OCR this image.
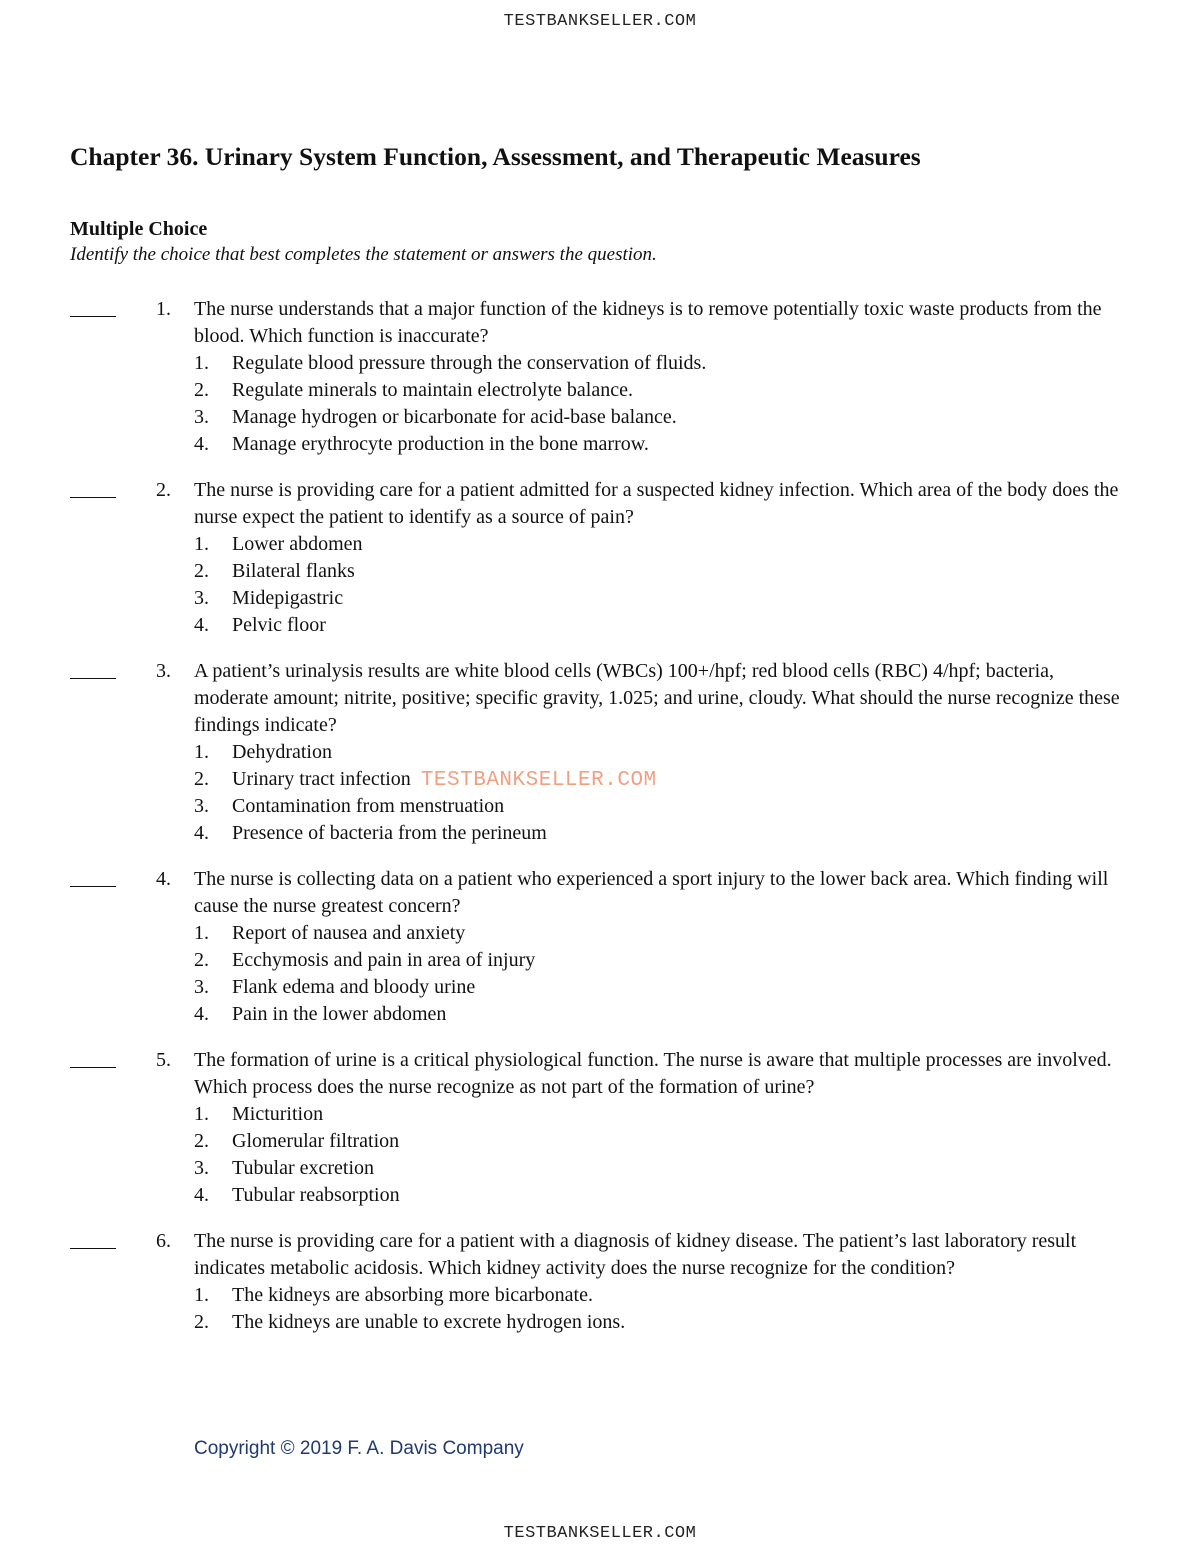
TESTBANKSELLER.COM
Chapter 36. Urinary System Function, Assessment, and Therapeutic Measures

Multiple Choice

Identify the choice that best completes the statement or answers the question.

1.	The nurse understands that a major function of the kidneys is to remove potentially toxic waste products from the blood. Which function is inaccurate?
1. Regulate blood pressure through the conservation of fluids.
2. Regulate minerals to maintain electrolyte balance.
3. Manage hydrogen or bicarbonate for acid-base balance.
4. Manage erythrocyte production in the bone marrow.
2.	The nurse is providing care for a patient admitted for a suspected kidney infection. Which area of the body does the nurse expect the patient to identify as a source of pain?
1. Lower abdomen
2. Bilateral flanks
3. Midepigastric
4. Pelvic floor
3.	A patient’s urinalysis results are white blood cells (WBCs) 100+/hpf; red blood cells (RBC) 4/hpf; bacteria, moderate amount; nitrite, positive; specific gravity, 1.025; and urine, cloudy. What should the nurse recognize these findings indicate?
1. Dehydration
2. Urinary tract infection TESTBANKSELLER.COM
3. Contamination from menstruation
4. Presence of bacteria from the perineum
4.	The nurse is collecting data on a patient who experienced a sport injury to the lower back area. Which finding will cause the nurse greatest concern?
1. Report of nausea and anxiety
2. Ecchymosis and pain in area of injury
3. Flank edema and bloody urine
4. Pain in the lower abdomen
5.	The formation of urine is a critical physiological function. The nurse is aware that multiple processes are involved. Which process does the nurse recognize as not part of the formation of urine?
1. Micturition
2. Glomerular filtration
3. Tubular excretion
4. Tubular reabsorption
6.	The nurse is providing care for a patient with a diagnosis of kidney disease. The patient’s last laboratory result indicates metabolic acidosis. Which kidney activity does the nurse recognize for the condition?
1. The kidneys are absorbing more bicarbonate.
2. The kidneys are unable to excrete hydrogen ions.
Copyright © 2019 F. A. Davis Company
TESTBANKSELLER.COM
